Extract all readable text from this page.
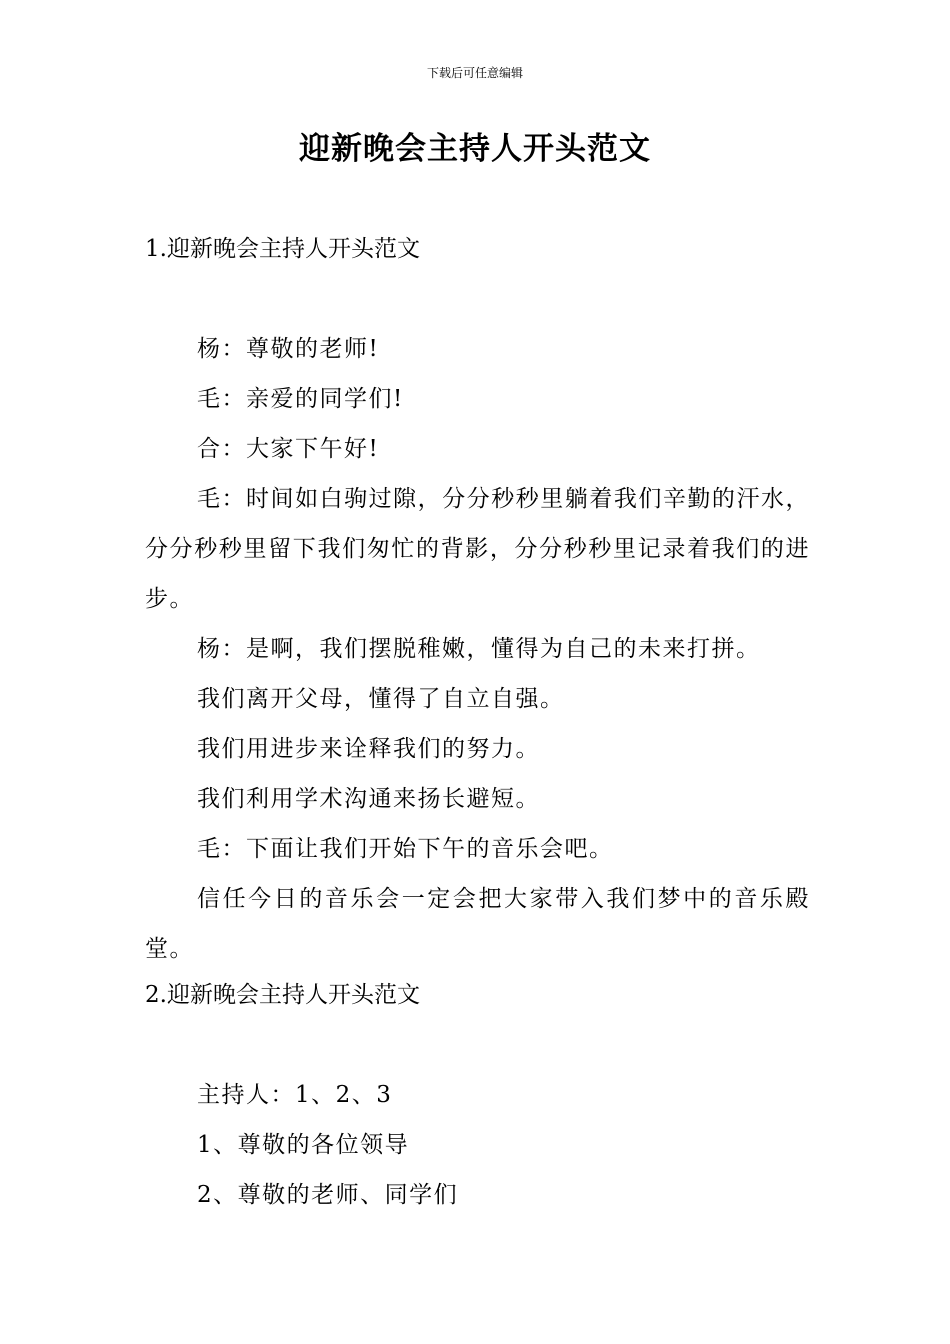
下载后可任意编辑
迎新晚会主持人开头范文
1.迎新晚会主持人开头范文

杨：尊敬的老师!

毛：亲爱的同学们!

合：大家下午好!

毛：时间如白驹过隙，分分秒秒里躺着我们辛勤的汗水，分分秒秒里留下我们匆忙的背影，分分秒秒里记录着我们的进步。

杨：是啊，我们摆脱稚嫩，懂得为自己的未来打拼。

我们离开父母，懂得了自立自强。

我们用进步来诠释我们的努力。

我们利用学术沟通来扬长避短。

毛：下面让我们开始下午的音乐会吧。

信任今日的音乐会一定会把大家带入我们梦中的音乐殿堂。

2.迎新晚会主持人开头范文

主持人：1、2、3

1、尊敬的各位领导

2、尊敬的老师、同学们
